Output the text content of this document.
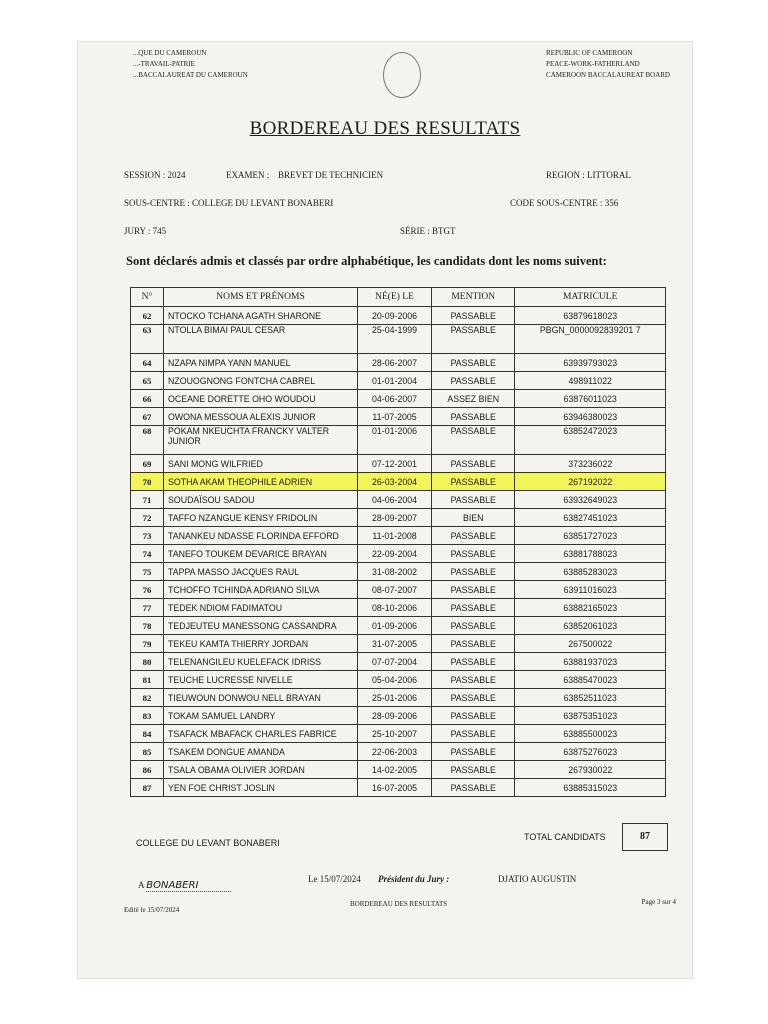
...QUE DU CAMEROUN
...-TRAVAIL-PATRIE
...BACCALAUREAT DU CAMEROUN
REPUBLIC OF CAMEROON
PEACE-WORK-FATHERLAND
CAMEROON BACCALAUREAT BOARD
BORDEREAU DES RESULTATS
SESSION : 2024	EXAMEN : BREVET DE TECHNICIEN	REGION : LITTORAL
SOUS-CENTRE : COLLEGE DU LEVANT BONABERI	CODE SOUS-CENTRE : 356
JURY : 745	SÉRIE : BTGT
Sont déclarés admis et classés par ordre alphabétique, les candidats dont les noms suivent:
N°	NOMS ET PRÉNOMS	NÉ(E) LE	MENTION	MATRICULE
62	NTOCKO TCHANA AGATH SHARONE	20-09-2006	PASSABLE	63879618023
63	NTOLLA BIMAI PAUL CESAR	25-04-1999	PASSABLE	PBGN_0000092839201 7
64	NZAPA NIMPA YANN MANUEL	28-06-2007	PASSABLE	63939793023
65	NZOUOGNONG FONTCHA CABREL	01-01-2004	PASSABLE	498911022
66	OCEANE DORETTE OHO WOUDOU	04-06-2007	ASSEZ BIEN	63876011023
67	OWONA MESSOUA ALEXIS JUNIOR	11-07-2005	PASSABLE	63946380023
68	POKAM NKEUCHTA FRANCKY VALTER JUNIOR	01-01-2006	PASSABLE	63852472023
69	SANI MONG WILFRIED	07-12-2001	PASSABLE	373236022
70	SOTHA AKAM THEOPHILE ADRIEN	26-03-2004	PASSABLE	267192022
71	SOUDAÏSOU SADOU	04-06-2004	PASSABLE	63932649023
72	TAFFO NZANGUE KENSY FRIDOLIN	28-09-2007	BIEN	63827451023
73	TANANKEU NDASSE FLORINDA EFFORD	11-01-2008	PASSABLE	63851727023
74	TANEFO TOUKEM DEVARICE BRAYAN	22-09-2004	PASSABLE	63881788023
75	TAPPA MASSO JACQUES RAUL	31-08-2002	PASSABLE	63885283023
76	TCHOFFO TCHINDA ADRIANO SILVA	08-07-2007	PASSABLE	63911016023
77	TEDEK NDIOM FADIMATOU	08-10-2006	PASSABLE	63882165023
78	TEDJEUTEU MANESSONG CASSANDRA	01-09-2006	PASSABLE	63852061023
79	TEKEU KAMTA THIERRY JORDAN	31-07-2005	PASSABLE	267500022
80	TELENANGILEU KUELEFACK IDRISS	07-07-2004	PASSABLE	63881937023
81	TEUCHE LUCRESSE NIVELLE	05-04-2006	PASSABLE	63885470023
82	TIEUWOUN DONWOU NELL BRAYAN	25-01-2006	PASSABLE	63852511023
83	TOKAM SAMUEL LANDRY	28-09-2006	PASSABLE	63875351023
84	TSAFACK MBAFACK CHARLES FABRICE	25-10-2007	PASSABLE	63885500023
85	TSAKEM DONGUE AMANDA	22-06-2003	PASSABLE	63875276023
86	TSALA OBAMA OLIVIER JORDAN	14-02-2005	PASSABLE	267930022
87	YEN FOE CHRIST JOSLIN	16-07-2005	PASSABLE	63885315023
COLLEGE DU LEVANT BONABERI
TOTAL CANDIDATS	87
A BONABERI
Le 15/07/2024 Président du Jury :	DJATIO AUGUSTIN
Edité le 15/07/2024
BORDEREAU DES RESULTATS	Page 3 sur 4
